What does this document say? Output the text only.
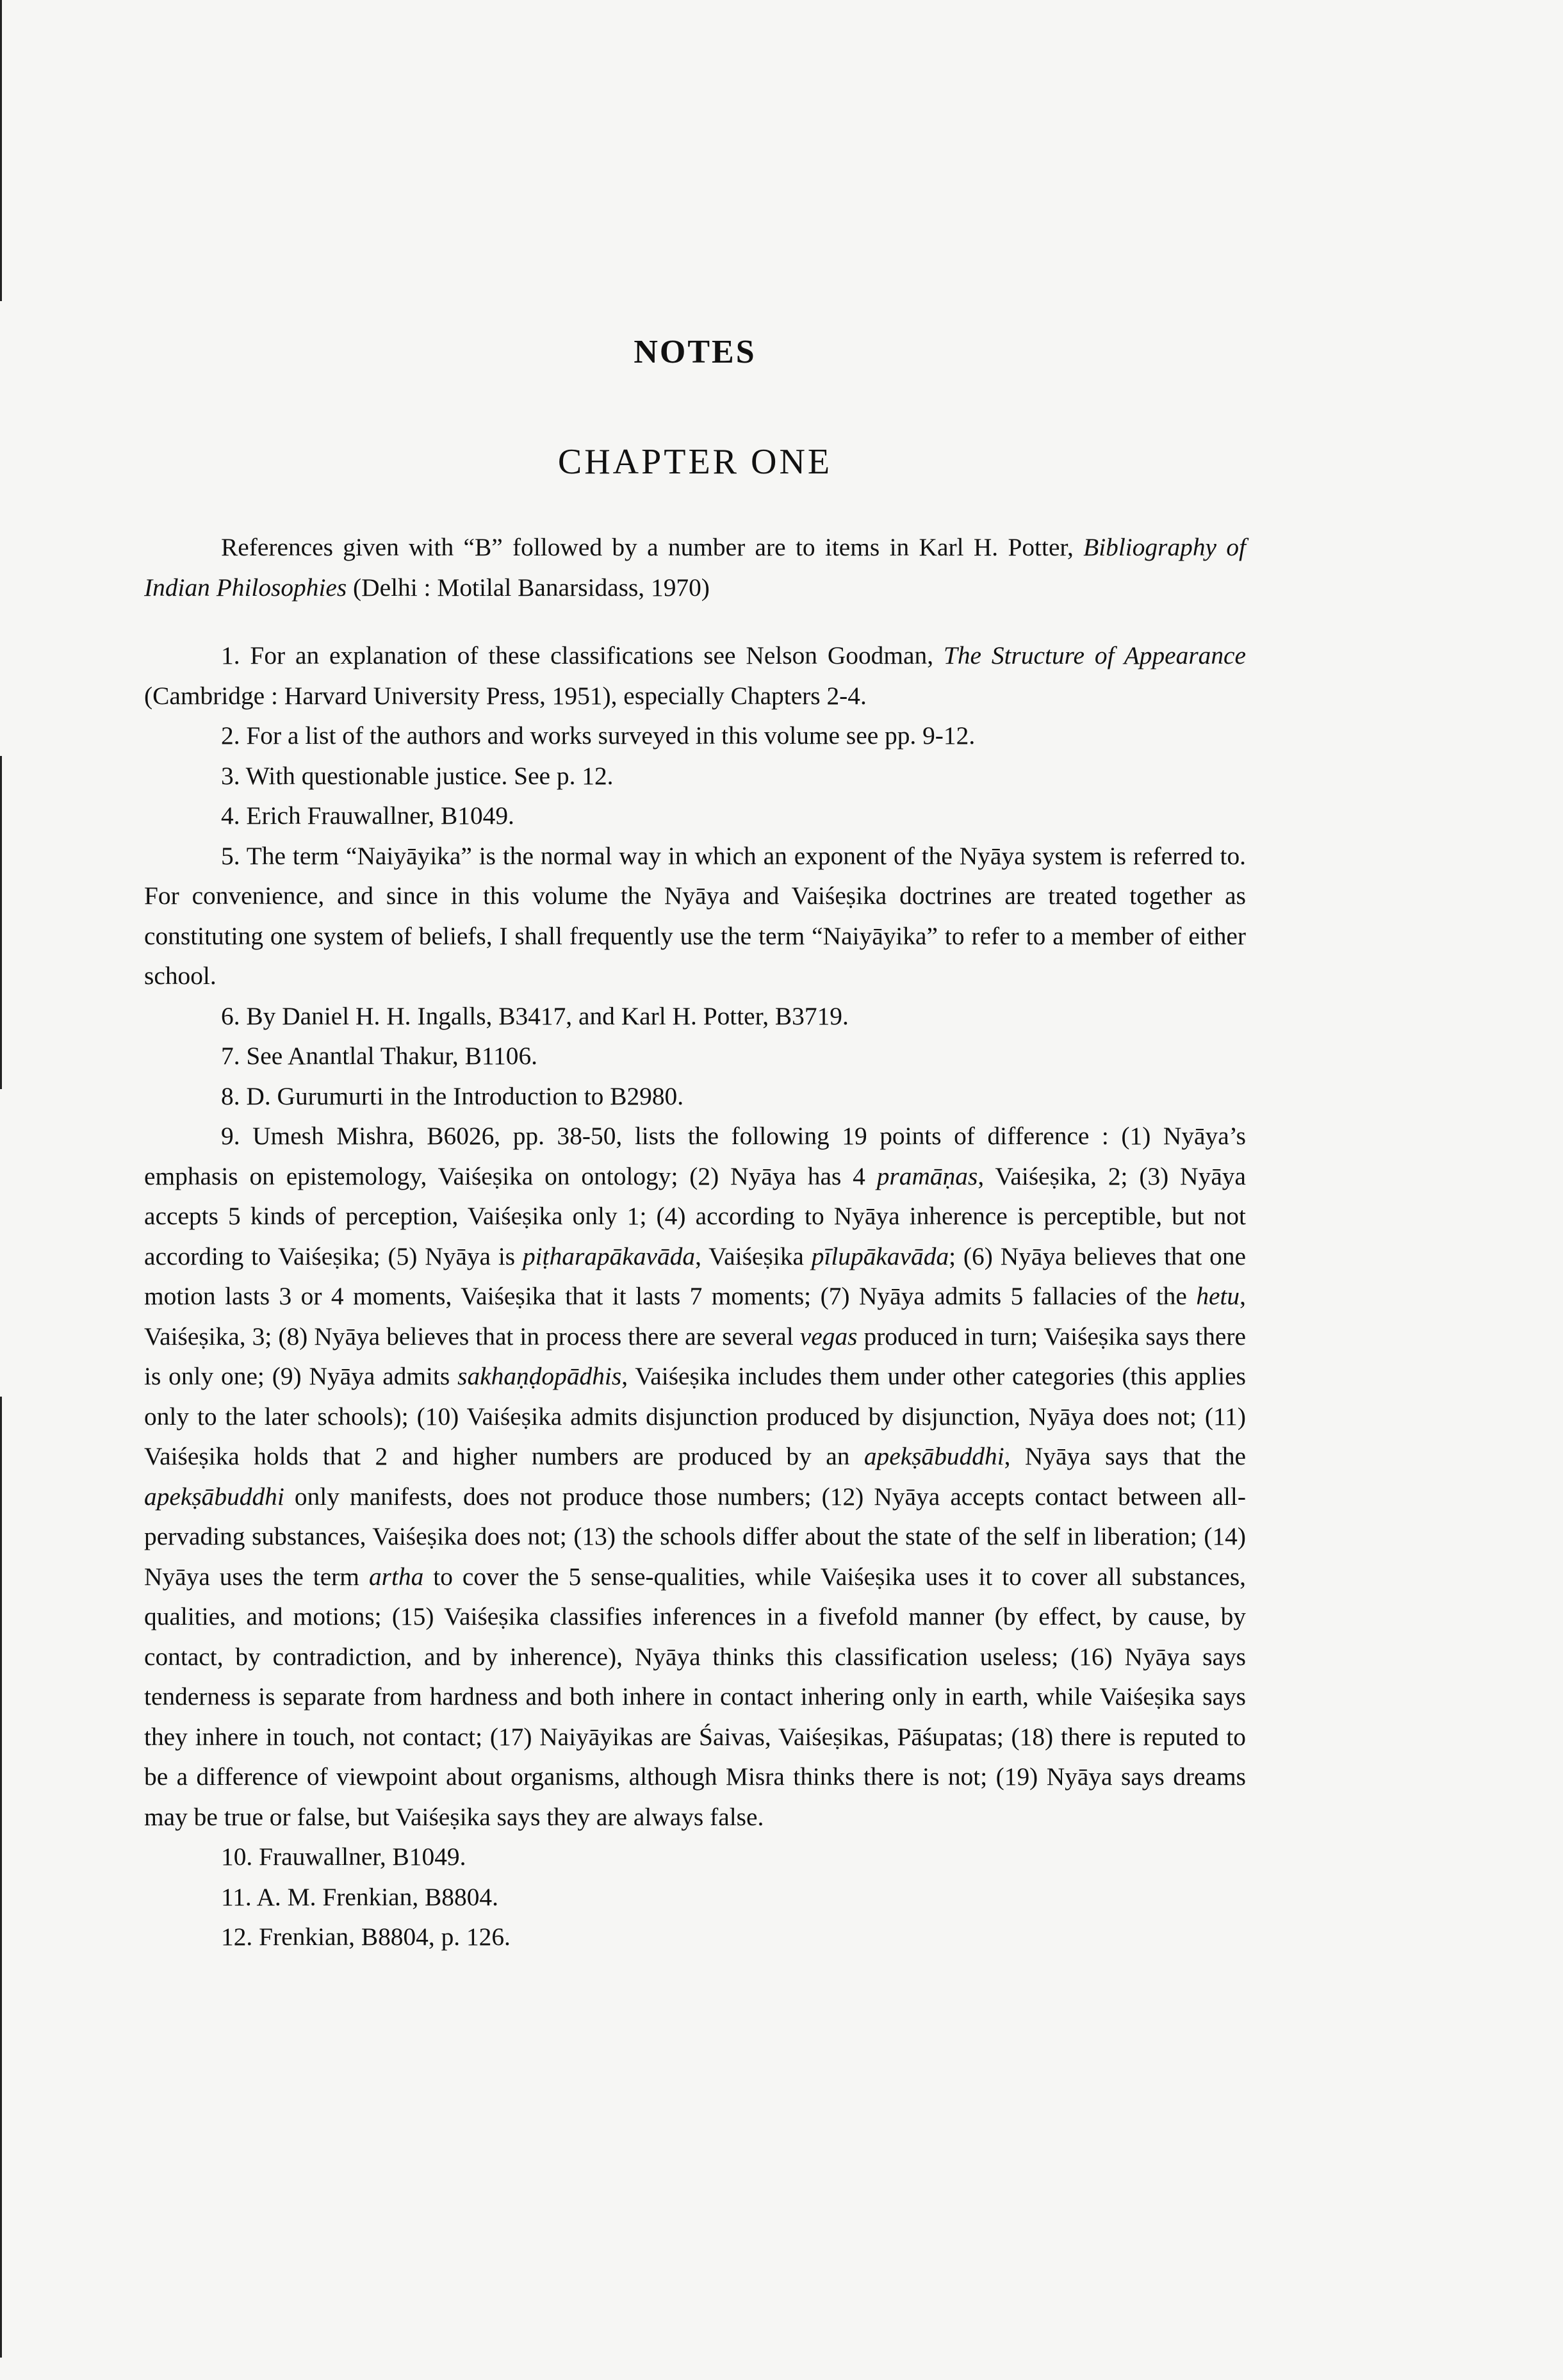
NOTES
CHAPTER ONE

References given with “B” followed by a number are to items in Karl H. Potter, Bibliography of Indian Philosophies (Delhi : Motilal Banarsidass, 1970)

1. For an explanation of these classifications see Nelson Goodman, The Structure of Appearance (Cambridge : Harvard University Press, 1951), especially Chapters 2-4.

2. For a list of the authors and works surveyed in this volume see pp. 9-12.

3. With questionable justice. See p. 12.

4. Erich Frauwallner, B1049.

5. The term “Naiyāyika” is the normal way in which an exponent of the Nyāya system is referred to. For convenience, and since in this volume the Nyāya and Vaiśeṣika doctrines are treated together as constituting one system of beliefs, I shall frequently use the term “Naiyāyika” to refer to a member of either school.

6. By Daniel H. H. Ingalls, B3417, and Karl H. Potter, B3719.

7. See Anantlal Thakur, B1106.

8. D. Gurumurti in the Introduction to B2980.

9. Umesh Mishra, B6026, pp. 38-50, lists the following 19 points of difference : (1) Nyāya’s emphasis on epistemology, Vaiśeṣika on ontology; (2) Nyāya has 4 pramāṇas, Vaiśeṣika, 2; (3) Nyāya accepts 5 kinds of perception, Vaiśeṣika only 1; (4) according to Nyāya inherence is perceptible, but not according to Vaiśeṣika; (5) Nyāya is piṭharapākavāda, Vaiśeṣika pīlupākavāda; (6) Nyāya believes that one motion lasts 3 or 4 moments, Vaiśeṣika that it lasts 7 moments; (7) Nyāya admits 5 fallacies of the hetu, Vaiśeṣika, 3; (8) Nyāya believes that in process there are several vegas produced in turn; Vaiśeṣika says there is only one; (9) Nyāya admits sakhaṇḍopādhis, Vaiśeṣika includes them under other categories (this applies only to the later schools); (10) Vaiśeṣika admits disjunction produced by disjunction, Nyāya does not; (11) Vaiśeṣika holds that 2 and higher numbers are produced by an apekṣābuddhi, Nyāya says that the apekṣābuddhi only manifests, does not produce those numbers; (12) Nyāya accepts contact between all-pervading substances, Vaiśeṣika does not; (13) the schools differ about the state of the self in liberation; (14) Nyāya uses the term artha to cover the 5 sense-qualities, while Vaiśeṣika uses it to cover all substances, qualities, and motions; (15) Vaiśeṣika classifies inferences in a fivefold manner (by effect, by cause, by contact, by contradiction, and by inherence), Nyāya thinks this classification useless; (16) Nyāya says tenderness is separate from hardness and both inhere in contact inhering only in earth, while Vaiśeṣika says they inhere in touch, not contact; (17) Naiyāyikas are Śaivas, Vaiśeṣikas, Pāśupatas; (18) there is reputed to be a difference of viewpoint about organisms, although Misra thinks there is not; (19) Nyāya says dreams may be true or false, but Vaiśeṣika says they are always false.

10. Frauwallner, B1049.

11. A. M. Frenkian, B8804.

12. Frenkian, B8804, p. 126.
